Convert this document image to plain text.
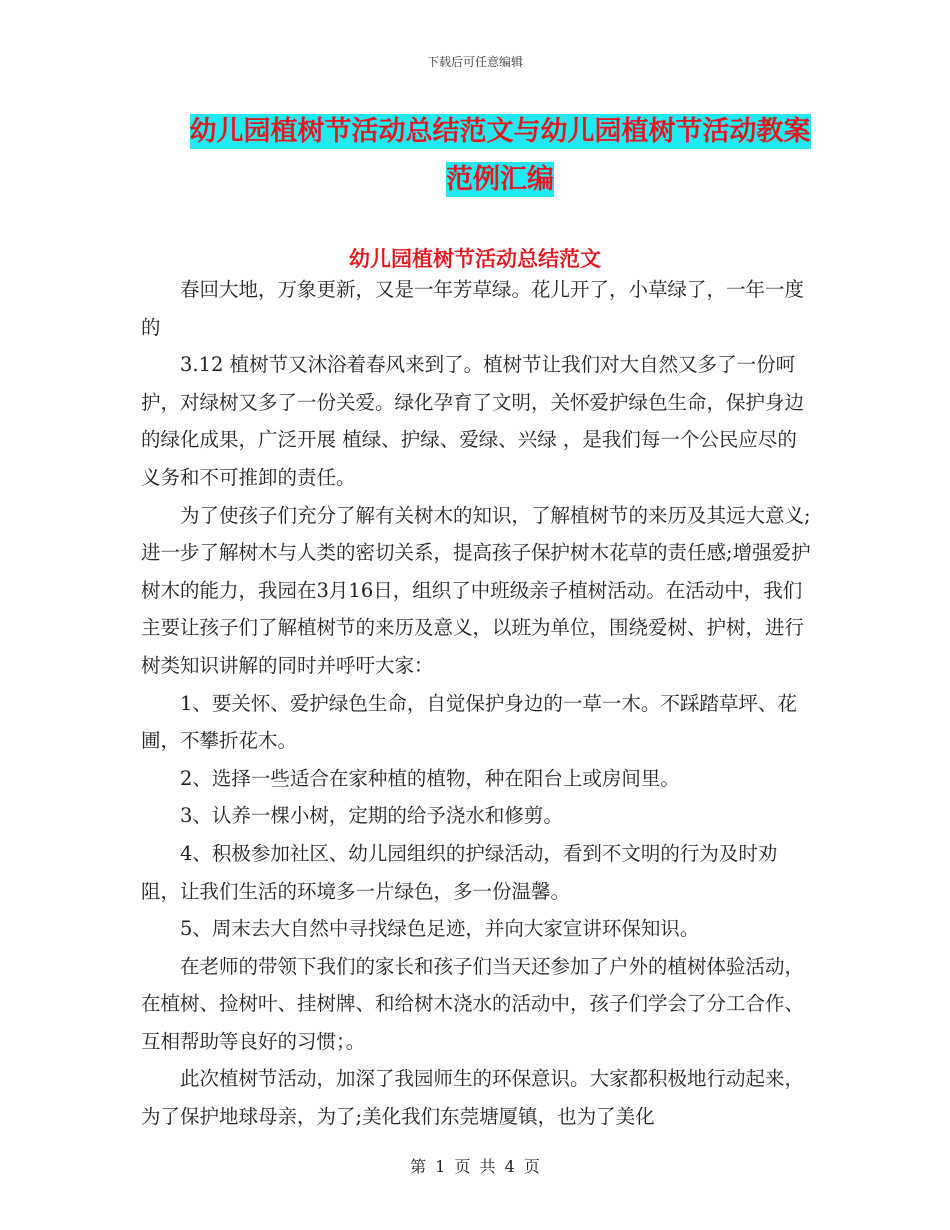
下载后可任意编辑
幼儿园植树节活动总结范文与幼儿园植树节活动教案
范例汇编
幼儿园植树节活动总结范文

春回大地，万象更新，又是一年芳草绿。花儿开了，小草绿了，一年一度的

3.12 植树节又沐浴着春风来到了。植树节让我们对大自然又多了一份呵护，对绿树又多了一份关爱。绿化孕育了文明，关怀爱护绿色生命，保护身边的绿化成果，广泛开展 植绿、护绿、爱绿、兴绿 ，是我们每一个公民应尽的义务和不可推卸的责任。

为了使孩子们充分了解有关树木的知识，了解植树节的来历及其远大意义;进一步了解树木与人类的密切关系，提高孩子保护树木花草的责任感;增强爱护树木的能力，我园在3月16日，组织了中班级亲子植树活动。在活动中，我们主要让孩子们了解植树节的来历及意义，以班为单位，围绕爱树、护树，进行树类知识讲解的同时并呼吁大家：

1、要关怀、爱护绿色生命，自觉保护身边的一草一木。不踩踏草坪、花圃，不攀折花木。

2、选择一些适合在家种植的植物，种在阳台上或房间里。

3、认养一棵小树，定期的给予浇水和修剪。

4、积极参加社区、幼儿园组织的护绿活动，看到不文明的行为及时劝阻，让我们生活的环境多一片绿色，多一份温馨。

5、周末去大自然中寻找绿色足迹，并向大家宣讲环保知识。

在老师的带领下我们的家长和孩子们当天还参加了户外的植树体验活动，在植树、捡树叶、挂树牌、和给树木浇水的活动中，孩子们学会了分工合作、互相帮助等良好的习惯；。

此次植树节活动，加深了我园师生的环保意识。大家都积极地行动起来，为了保护地球母亲，为了;美化我们东莞塘厦镇，也为了美化

第 1 页 共 4 页
